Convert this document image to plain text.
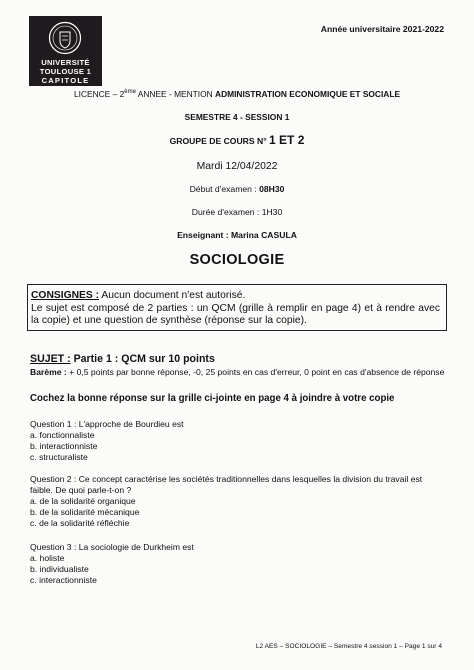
UNIVERSITÉ
TOULOUSE 1
CAPITOLE
Année universitaire 2021-2022
LICENCE – 2ème ANNEE - MENTION ADMINISTRATION ECONOMIQUE ET SOCIALE
SEMESTRE 4 - SESSION 1
GROUPE DE COURS N° 1 ET 2
Mardi 12/04/2022
Début d'examen : 08H30
Durée d'examen : 1H30
Enseignant : Marina CASULA
SOCIOLOGIE

CONSIGNES : Aucun document n'est autorisé.

Le sujet est composé de 2 parties : un QCM (grille à remplir en page 4) et à rendre avec la copie) et une question de synthèse (réponse sur la copie).

SUJET : Partie 1 : QCM sur 10 points
Barème : + 0,5 points par bonne réponse, -0, 25 points en cas d'erreur, 0 point en cas d'absence de réponse
Cochez la bonne réponse sur la grille ci-jointe en page 4 à joindre à votre copie

Question 1 : L'approche de Bourdieu est

a. fonctionnaliste

b. interactionniste

c. structuraliste

Question 2 : Ce concept caractérise les sociétés traditionnelles dans lesquelles la division du travail est faible. De quoi parle-t-on ?

a. de la solidarité organique

b. de la solidarité mécanique

c. de la solidarité réfléchie

Question 3 : La sociologie de Durkheim est

a. holiste

b. individualiste

c. interactionniste

L2 AES – SOCIOLOGIE – Semestre 4 session 1 – Page 1 sur 4
